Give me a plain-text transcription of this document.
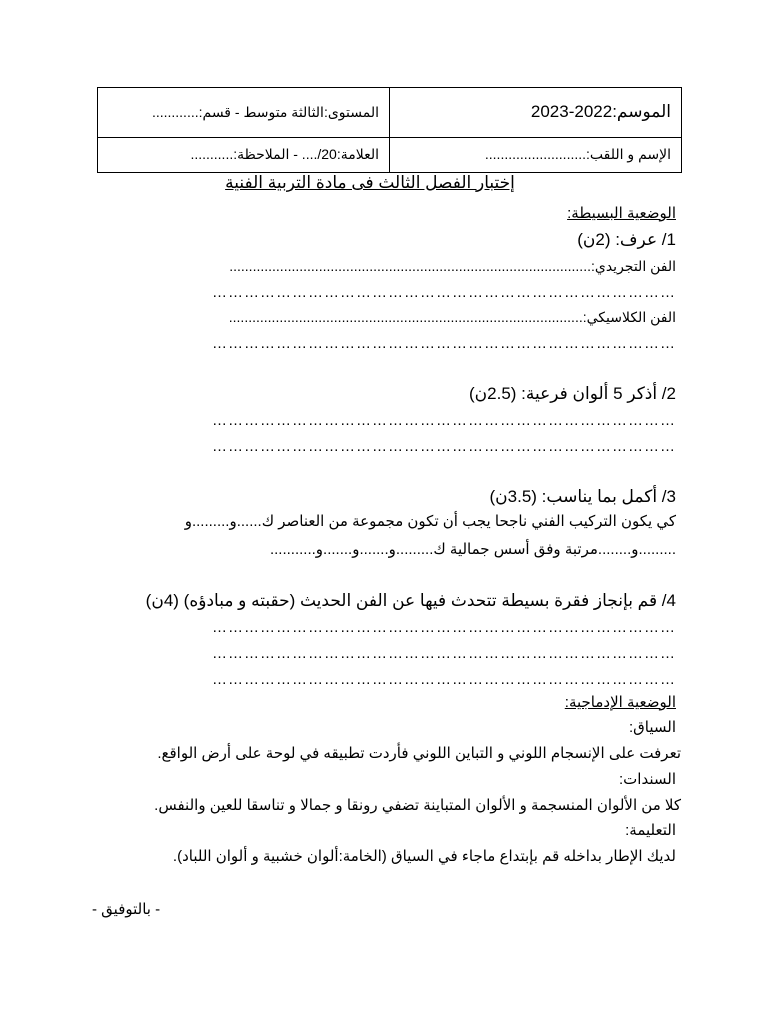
المستوى:الثالثة متوسط - قسم:............	الموسم:2022-2023
العلامة:20/.... - الملاحظة:...........	الإسم و اللقب:..........................
إختبار الفصل الثالث فى مادة التربية الفنية
الوضعية البسيطة:
1/ عرف: (2ن)
الفن التجريدي:.............................................................................................
……………………………………………………………………………
الفن الكلاسيكي:...........................................................................................
……………………………………………………………………………
2/ أذكر 5 ألوان فرعية: (2.5ن)
……………………………………………………………………………
……………………………………………………………………………
3/ أكمل بما يناسب: (3.5ن)
كي يكون التركيب الفني ناجحا يجب أن تكون مجموعة من العناصر ك......و.........و
.........و........مرتبة وفق أسس جمالية ك.........و.......و.......و...........
4/ قم بإنجاز فقرة بسيطة تتحدث فيها عن الفن الحديث (حقبته و مبادؤه) (4ن)
……………………………………………………………………………
……………………………………………………………………………
……………………………………………………………………………
الوضعية الإدماجية:
السياق:
تعرفت على الإنسجام اللوني و التباين اللوني فأردت تطبيقه في لوحة على أرض الواقع.
السندات:
كلا من الألوان المنسجمة و الألوان المتباينة تضفي رونقا و جمالا و تناسقا للعين والنفس.
التعليمة:
لديك الإطار بداخله قم بإبتداع ماجاء في السياق (الخامة:ألوان خشبية و ألوان اللباد).
- بالتوفيق -
